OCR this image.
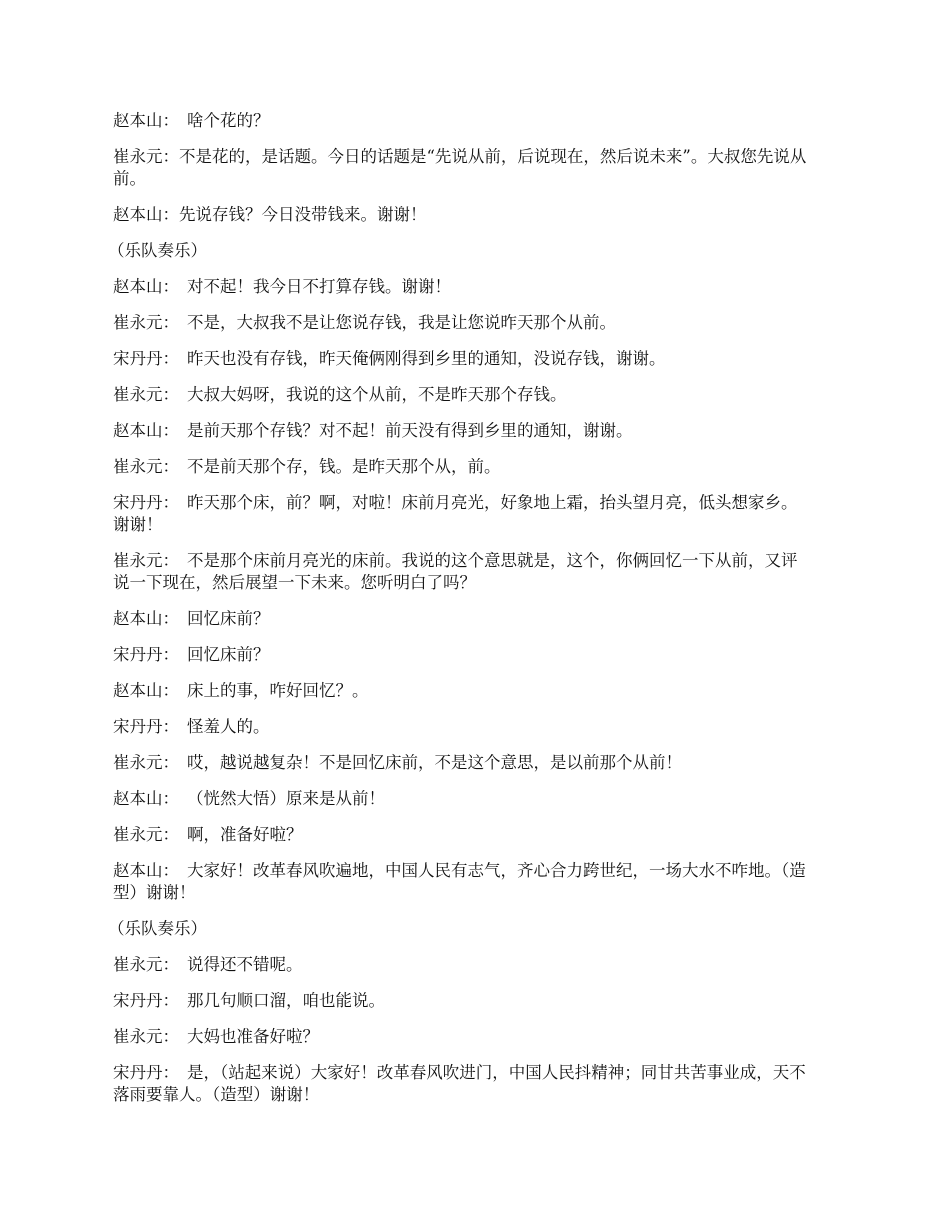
赵本山： 啥个花的？

崔永元：不是花的，是话题。今日的话题是“先说从前，后说现在，然后说未来”。大叔您先说从前。

赵本山：先说存钱？今日没带钱来。谢谢！

（乐队奏乐）

赵本山： 对不起！我今日不打算存钱。谢谢！

崔永元： 不是，大叔我不是让您说存钱，我是让您说昨天那个从前。

宋丹丹： 昨天也没有存钱，昨天俺俩刚得到乡里的通知，没说存钱，谢谢。

崔永元： 大叔大妈呀，我说的这个从前，不是昨天那个存钱。

赵本山： 是前天那个存钱？对不起！前天没有得到乡里的通知，谢谢。

崔永元： 不是前天那个存，钱。是昨天那个从，前。

宋丹丹： 昨天那个床，前？啊，对啦！床前月亮光，好象地上霜，抬头望月亮，低头想家乡。谢谢！

崔永元： 不是那个床前月亮光的床前。我说的这个意思就是，这个，你俩回忆一下从前，又评说一下现在，然后展望一下未来。您听明白了吗？

赵本山： 回忆床前？

宋丹丹： 回忆床前？

赵本山： 床上的事，咋好回忆？。

宋丹丹： 怪羞人的。

崔永元： 哎，越说越复杂！不是回忆床前，不是这个意思，是以前那个从前！

赵本山： （恍然大悟）原来是从前！

崔永元： 啊，准备好啦？

赵本山： 大家好！改革春风吹遍地，中国人民有志气，齐心合力跨世纪，一场大水不咋地。（造型）谢谢！

（乐队奏乐）

崔永元： 说得还不错呢。

宋丹丹： 那几句顺口溜，咱也能说。

崔永元： 大妈也准备好啦？

宋丹丹： 是，（站起来说）大家好！改革春风吹进门，中国人民抖精神；同甘共苦事业成，天不落雨要靠人。（造型）谢谢！
